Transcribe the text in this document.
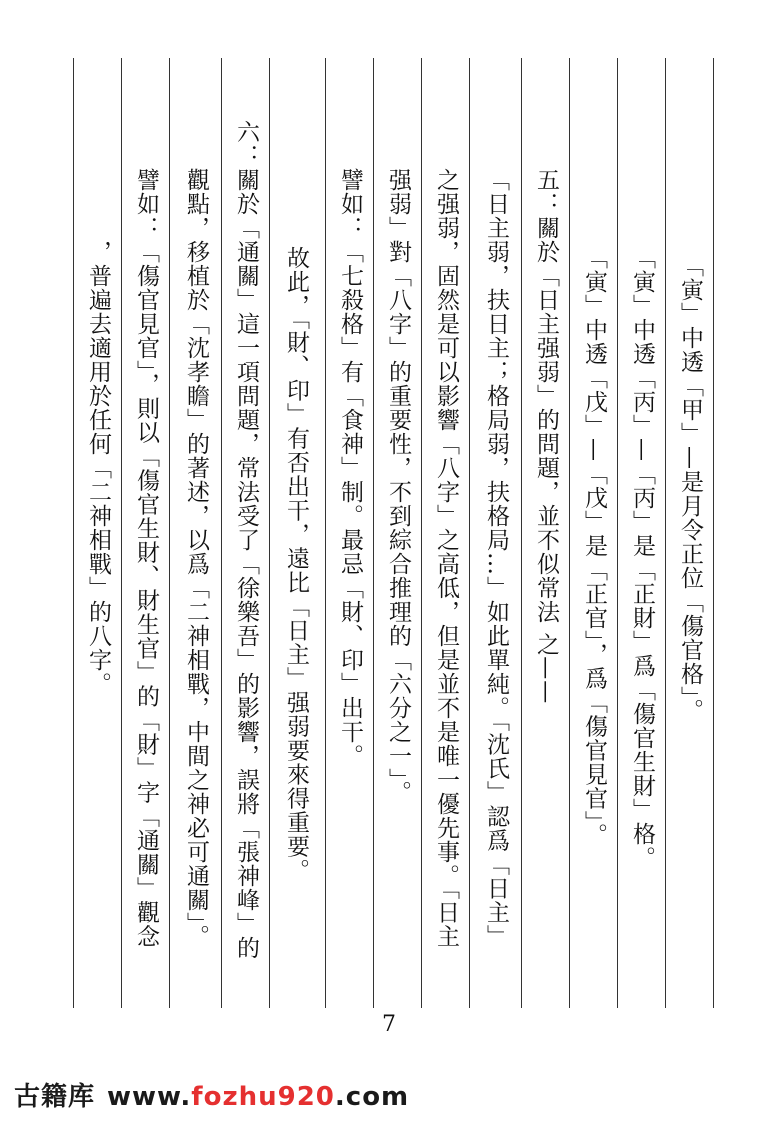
「寅」中透「甲」—是月令正位「傷官格」。
「寅」中透「丙」—「丙」是「正財」爲「傷官生財」格。
「寅」中透「戊」—「戊」是「正官」，爲「傷官見官」。
五：關於「日主强弱」的問題，並不似常法 之——
「日主弱，扶日主；格局弱，扶格局…」如此單純。「沈氏」認爲「日主」
之强弱，固然是可以影響「八字」之高低，但是並不是唯一優先事。「日主
强弱」對「八字」的重要性，不到綜合推理的「六分之一」。
譬如：「七殺格」有「食神」制。最忌「財、印」出干。
故此，「財、印」有否出干，遠比「日主」强弱要來得重要。
六：關於「通關」這一項問題，常法受了「徐樂吾」的影響，誤將「張神峰」的
觀點，移植於「沈孝瞻」的著述，以爲「二神相戰，中間之神必可通關」。
譬如：「傷官見官」，則以「傷官生財、財生官」的「財」字「通關」觀念
，普遍去適用於任何「二神相戰」的八字。
7
古籍库 www.fozhu920.com
